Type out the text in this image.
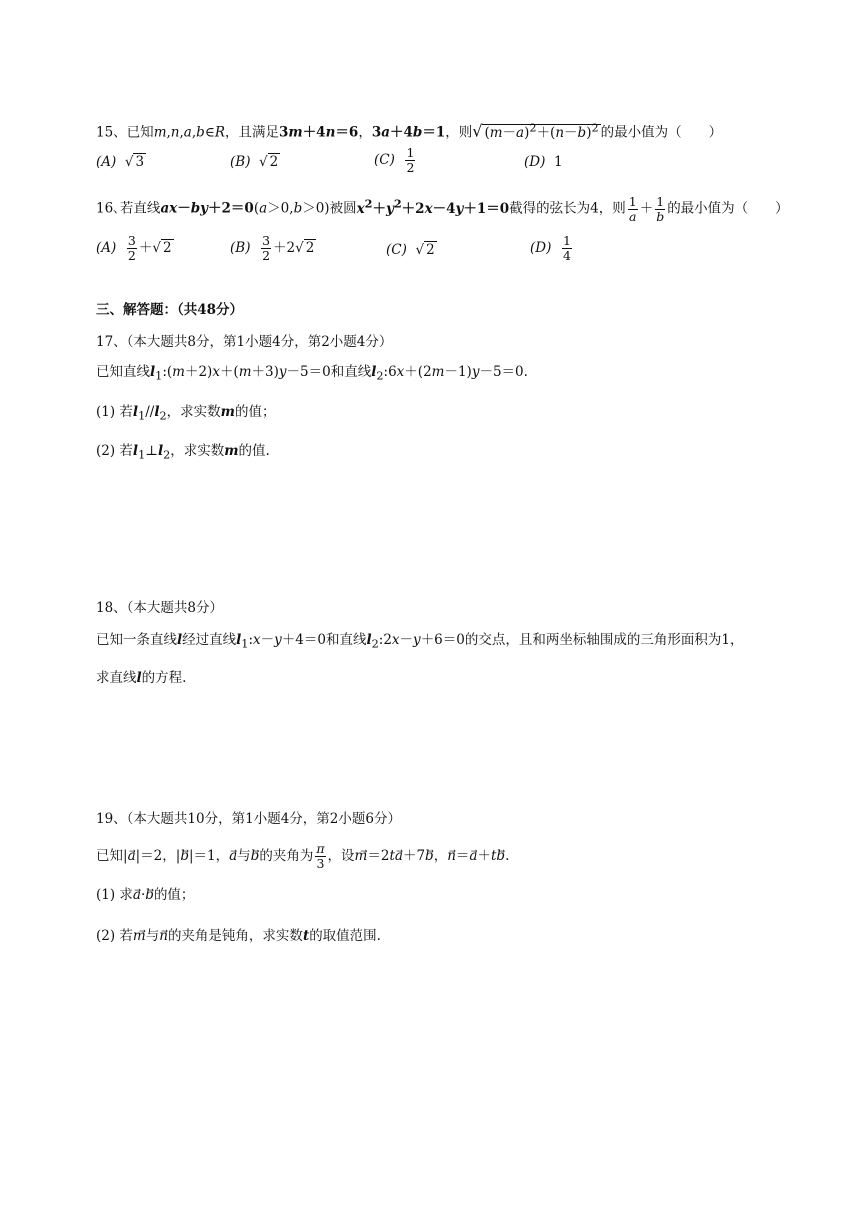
15、已知m,n,a,b∈R，且满足3m＋4n＝6，3a＋4b＝1，则√ $(m-a)^2+(n-b)^2$ 的最小值为（　　）
(A)  √ 3	(B)  √ 2	$(C) \frac{1}{2}$	(D)  1
16､若直线ax－by＋2＝0(a＞0,b＞0)被圆$x^2+y^2+2x-4y+1=0$截得的弦长为4，则 $\frac{1}{a} + \frac{1}{b}$ 的最小值为（　　）
$(A) \frac{3}{2}$ ＋√ 2	$(B) \frac{3}{2} +2√$ 2	(C)  √ 2	$(D) \frac{1}{4}$
三、解答题：（共48分）
17、（本大题共8分，第1小题4分，第2小题4分）
已知直线$l_1:(m+2)x+(m+3)y-5=0$和直线$l_2:6x+(2m-1)y-5=0$.
(1) 若$l_1//l_2$，求实数m的值；
(2) 若$l_1\perp l_2$，求实数m的值.
18、（本大题共8分）
已知一条直线l经过直线$l_1:x-y+4=0$和直线$l_2:2x-y+6=0$的交点，且和两坐标轴围成的三角形面积为1，
求直线l的方程.
19、（本大题共10分，第1小题4分，第2小题6分）
已知|a⃗|＝2，|b⃗|＝1，a⃗与b⃗的夹角为 $\frac{\pi}{3}$ ，设m⃗＝2ta⃗＋7b⃗，n⃗＝a⃗＋tb⃗.
(1) 求a⃗·b⃗的值；
(2) 若m⃗与n⃗的夹角是钝角，求实数t的取值范围.
